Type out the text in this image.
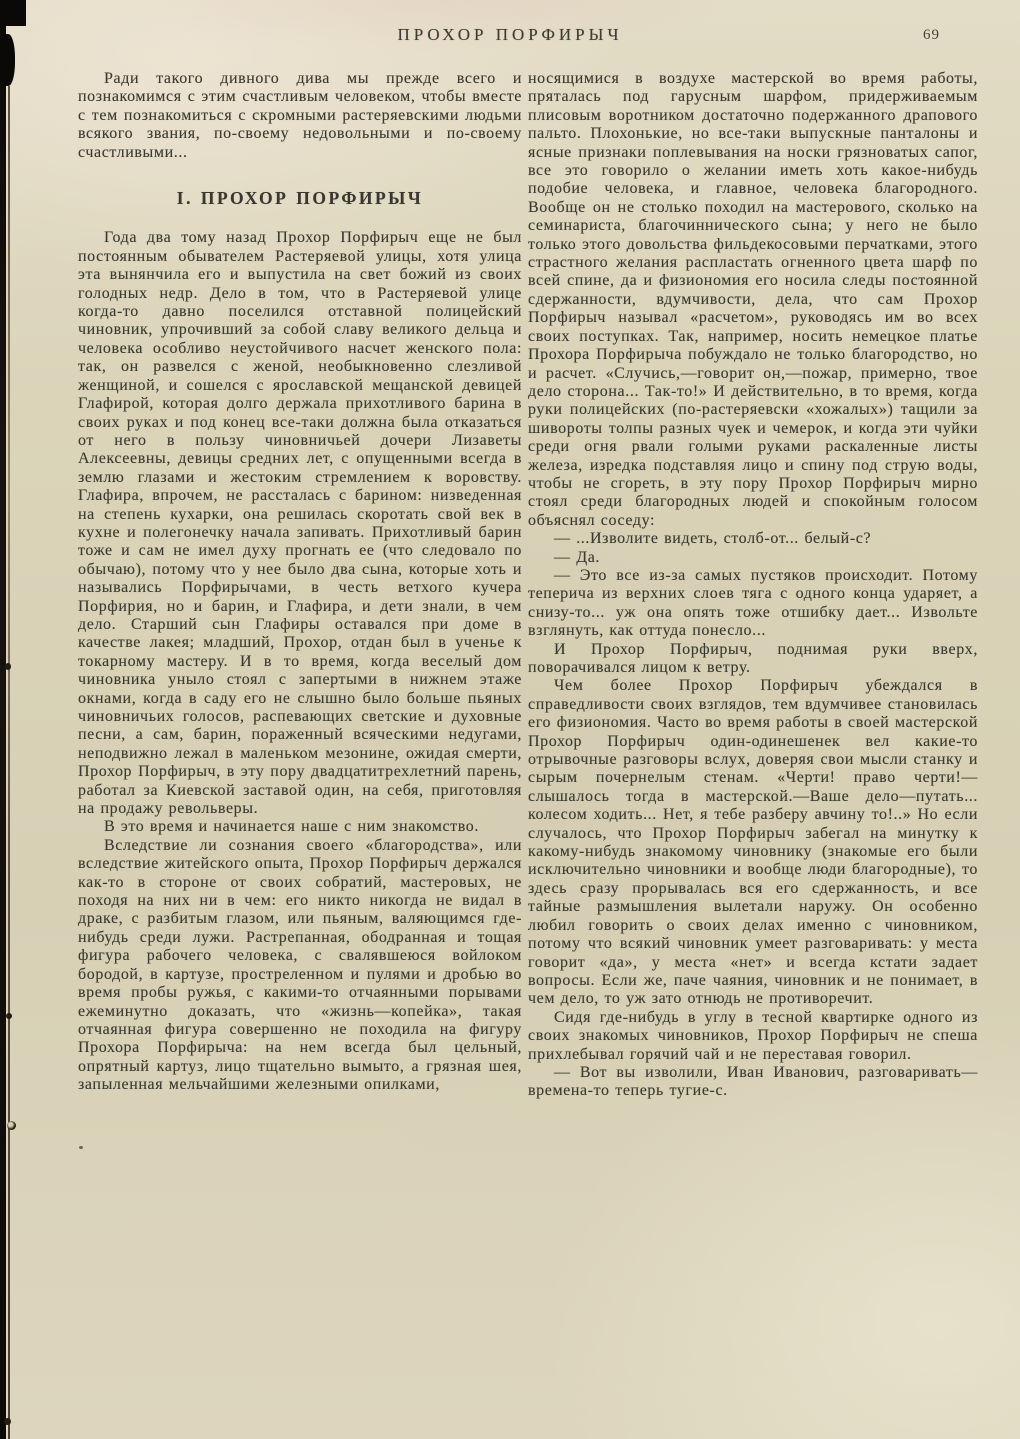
ПРОХОР ПОРФИРЫЧ	69

Ради такого дивного дива мы прежде всего и познакомимся с этим счастливым человеком, чтобы вместе с тем познакомиться с скромными растеряевскими людьми всякого звания, по-своему недовольными и по-своему счастливыми...

I. ПРОХОР ПОРФИРЫЧ

Года два тому назад Прохор Порфирыч еще не был постоянным обывателем Растеряевой улицы, хотя улица эта вынянчила его и выпустила на свет божий из своих голодных недр. Дело в том, что в Растеряевой улице когда-то давно поселился отставной полицейский чиновник, упрочивший за собой славу великого дельца и человека особливо неустойчивого насчет женского пола: так, он развелся с женой, необыкновенно слезливой женщиной, и сошелся с ярославской мещанской девицей Глафирой, которая долго держала прихотливого барина в своих руках и под конец все-таки должна была отказаться от него в пользу чиновничьей дочери Лизаветы Алексеевны, девицы средних лет, с опущенными всегда в землю глазами и жестоким стремлением к воровству. Глафира, впрочем, не рассталась с барином: низведенная на степень кухарки, она решилась скоротать свой век в кухне и полегонечку начала запивать. Прихотливый барин тоже и сам не имел духу прогнать ее (что следовало по обычаю), потому что у нее было два сына, которые хоть и назывались Порфирычами, в честь ветхого кучера Порфирия, но и барин, и Глафира, и дети знали, в чем дело. Старший сын Глафиры оставался при доме в качестве лакея; младший, Прохор, отдан был в ученье к токарному мастеру. И в то время, когда веселый дом чиновника уныло стоял с запертыми в нижнем этаже окнами, когда в саду его не слышно было больше пьяных чиновничьих голосов, распевающих светские и духовные песни, а сам, барин, пораженный всяческими недугами, неподвижно лежал в маленьком мезонине, ожидая смерти, Прохор Порфирыч, в эту пору двадцатитрехлетний парень, работал за Киевской заставой один, на себя, приготовляя на продажу револьверы.

В это время и начинается наше с ним знакомство.

Вследствие ли сознания своего «благородства», или вследствие житейского опыта, Прохор Порфирыч держался как-то в стороне от своих собратий, мастеровых, не походя на них ни в чем: его никто никогда не видал в драке, с разбитым глазом, или пьяным, валяющимся где-нибудь среди лужи. Растрепанная, ободранная и тощая фигура рабочего человека, с свалявшеюся войлоком бородой, в картузе, простреленном и пулями и дробью во время пробы ружья, с какими-то отчаянными порывами ежеминутно доказать, что «жизнь—копейка», такая отчаянная фигура совершенно не походила на фигуру Прохора Порфирыча: на нем всегда был цельный, опрятный картуз, лицо тщательно вымыто, а грязная шея, запыленная мельчайшими железными опилками,

носящимися в воздухе мастерской во время работы, пряталась под гарусным шарфом, придерживаемым плисовым воротником достаточно подержанного драпового пальто. Плохонькие, но все-таки выпускные панталоны и ясные признаки поплевывания на носки грязноватых сапог, все это говорило о желании иметь хоть какое-нибудь подобие человека, и главное, человека благородного. Вообще он не столько походил на мастерового, сколько на семинариста, благочиннического сына; у него не было только этого довольства фильдекосовыми перчатками, этого страстного желания распластать огненного цвета шарф по всей спине, да и физиономия его носила следы постоянной сдержанности, вдумчивости, дела, что сам Прохор Порфирыч называл «расчетом», руководясь им во всех своих поступках. Так, например, носить немецкое платье Прохора Порфирыча побуждало не только благородство, но и расчет. «Случись,—говорит он,—пожар, примерно, твое дело сторона... Так-то!» И действительно, в то время, когда руки полицейских (по-растеряевски «хожалых») тащили за шивороты толпы разных чуек и чемерок, и когда эти чуйки среди огня рвали голыми руками раскаленные листы железа, изредка подставляя лицо и спину под струю воды, чтобы не сгореть, в эту пору Прохор Порфирыч мирно стоял среди благородных людей и спокойным голосом объяснял соседу:

— ...Изволите видеть, столб-от... белый-с?

— Да.

— Это все из-за самых пустяков происходит. Потому теперича из верхних слоев тяга с одного конца ударяет, а снизу-то... уж она опять тоже отшибку дает... Извольте взглянуть, как оттуда понесло...

И Прохор Порфирыч, поднимая руки вверх, поворачивался лицом к ветру.

Чем более Прохор Порфирыч убеждался в справедливости своих взглядов, тем вдумчивее становилась его физиономия. Часто во время работы в своей мастерской Прохор Порфирыч один-одинешенек вел какие-то отрывочные разговоры вслух, доверяя свои мысли станку и сырым почернелым стенам. «Черти! право черти!—слышалось тогда в мастерской.—Ваше дело—путать... колесом ходить... Нет, я тебе разберу авчину то!..» Но если случалось, что Прохор Порфирыч забегал на минутку к какому-нибудь знакомому чиновнику (знакомые его были исключительно чиновники и вообще люди благородные), то здесь сразу прорывалась вся его сдержанность, и все тайные размышления вылетали наружу. Он особенно любил говорить о своих делах именно с чиновником, потому что всякий чиновник умеет разговаривать: у места говорит «да», у места «нет» и всегда кстати задает вопросы. Если же, паче чаяния, чиновник и не понимает, в чем дело, то уж зато отнюдь не противоречит.

Сидя где-нибудь в углу в тесной квартирке одного из своих знакомых чиновников, Прохор Порфирыч не спеша прихлебывал горячий чай и не переставая говорил.

— Вот вы изволили, Иван Иванович, разговаривать—времена-то теперь тугие-с.
